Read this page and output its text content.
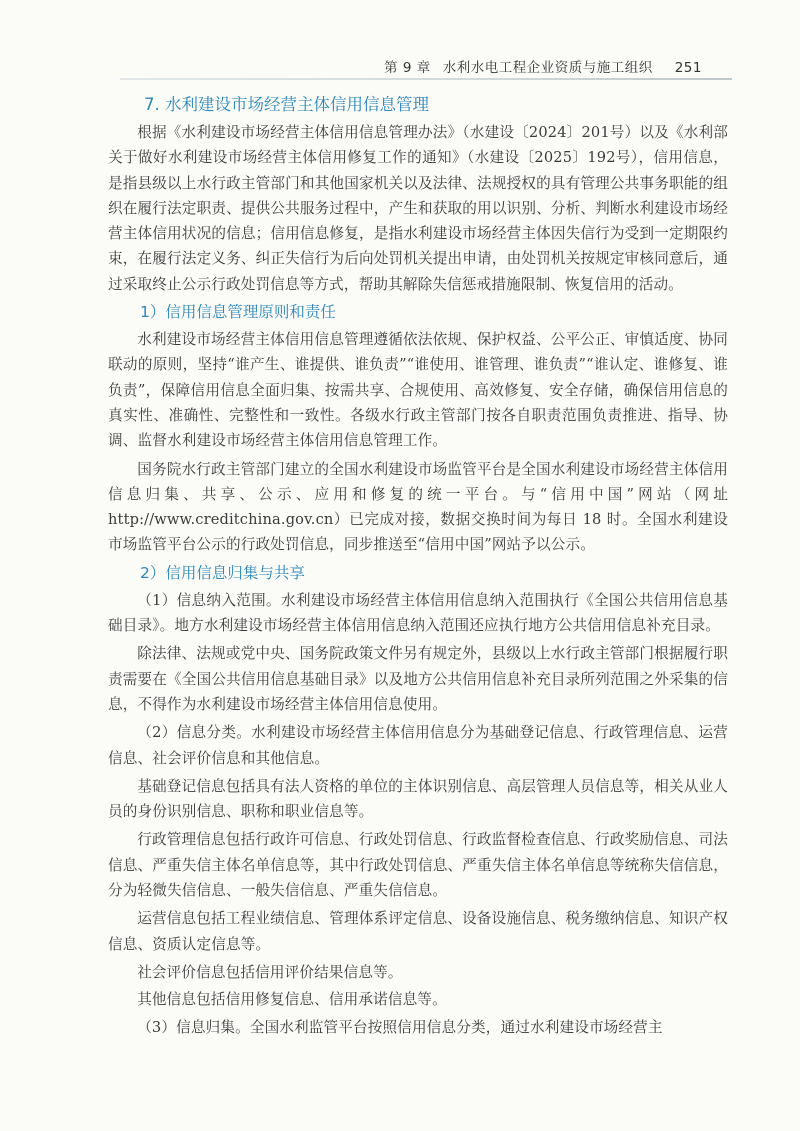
第 9 章 水利水电工程企业资质与施工组织 251
7. 水利建设市场经营主体信用信息管理

根据《水利建设市场经营主体信用信息管理办法》（水建设〔2024〕201号）以及《水利部关于做好水利建设市场经营主体信用修复工作的通知》（水建设〔2025〕192号），信用信息，是指县级以上水行政主管部门和其他国家机关以及法律、法规授权的具有管理公共事务职能的组织在履行法定职责、提供公共服务过程中，产生和获取的用以识别、分析、判断水利建设市场经营主体信用状况的信息；信用信息修复，是指水利建设市场经营主体因失信行为受到一定期限约束，在履行法定义务、纠正失信行为后向处罚机关提出申请，由处罚机关按规定审核同意后，通过采取终止公示行政处罚信息等方式，帮助其解除失信惩戒措施限制、恢复信用的活动。

1）信用信息管理原则和责任

水利建设市场经营主体信用信息管理遵循依法依规、保护权益、公平公正、审慎适度、协同联动的原则，坚持“谁产生、谁提供、谁负责”“谁使用、谁管理、谁负责”“谁认定、谁修复、谁负责”，保障信用信息全面归集、按需共享、合规使用、高效修复、安全存储，确保信用信息的真实性、准确性、完整性和一致性。各级水行政主管部门按各自职责范围负责推进、指导、协调、监督水利建设市场经营主体信用信息管理工作。

国务院水行政主管部门建立的全国水利建设市场监管平台是全国水利建设市场经营主体信用信息归集、共享、公示、应用和修复的统一平台。与“信用中国”网站（网址 http://www.creditchina.gov.cn）已完成对接，数据交换时间为每日 18 时。全国水利建设市场监管平台公示的行政处罚信息，同步推送至“信用中国”网站予以公示。

2）信用信息归集与共享

（1）信息纳入范围。水利建设市场经营主体信用信息纳入范围执行《全国公共信用信息基础目录》。地方水利建设市场经营主体信用信息纳入范围还应执行地方公共信用信息补充目录。

除法律、法规或党中央、国务院政策文件另有规定外，县级以上水行政主管部门根据履行职责需要在《全国公共信用信息基础目录》以及地方公共信用信息补充目录所列范围之外采集的信息，不得作为水利建设市场经营主体信用信息使用。

（2）信息分类。水利建设市场经营主体信用信息分为基础登记信息、行政管理信息、运营信息、社会评价信息和其他信息。

基础登记信息包括具有法人资格的单位的主体识别信息、高层管理人员信息等，相关从业人员的身份识别信息、职称和职业信息等。

行政管理信息包括行政许可信息、行政处罚信息、行政监督检查信息、行政奖励信息、司法信息、严重失信主体名单信息等，其中行政处罚信息、严重失信主体名单信息等统称失信信息，分为轻微失信信息、一般失信信息、严重失信信息。

运营信息包括工程业绩信息、管理体系评定信息、设备设施信息、税务缴纳信息、知识产权信息、资质认定信息等。

社会评价信息包括信用评价结果信息等。

其他信息包括信用修复信息、信用承诺信息等。

（3）信息归集。全国水利监管平台按照信用信息分类，通过水利建设市场经营主
